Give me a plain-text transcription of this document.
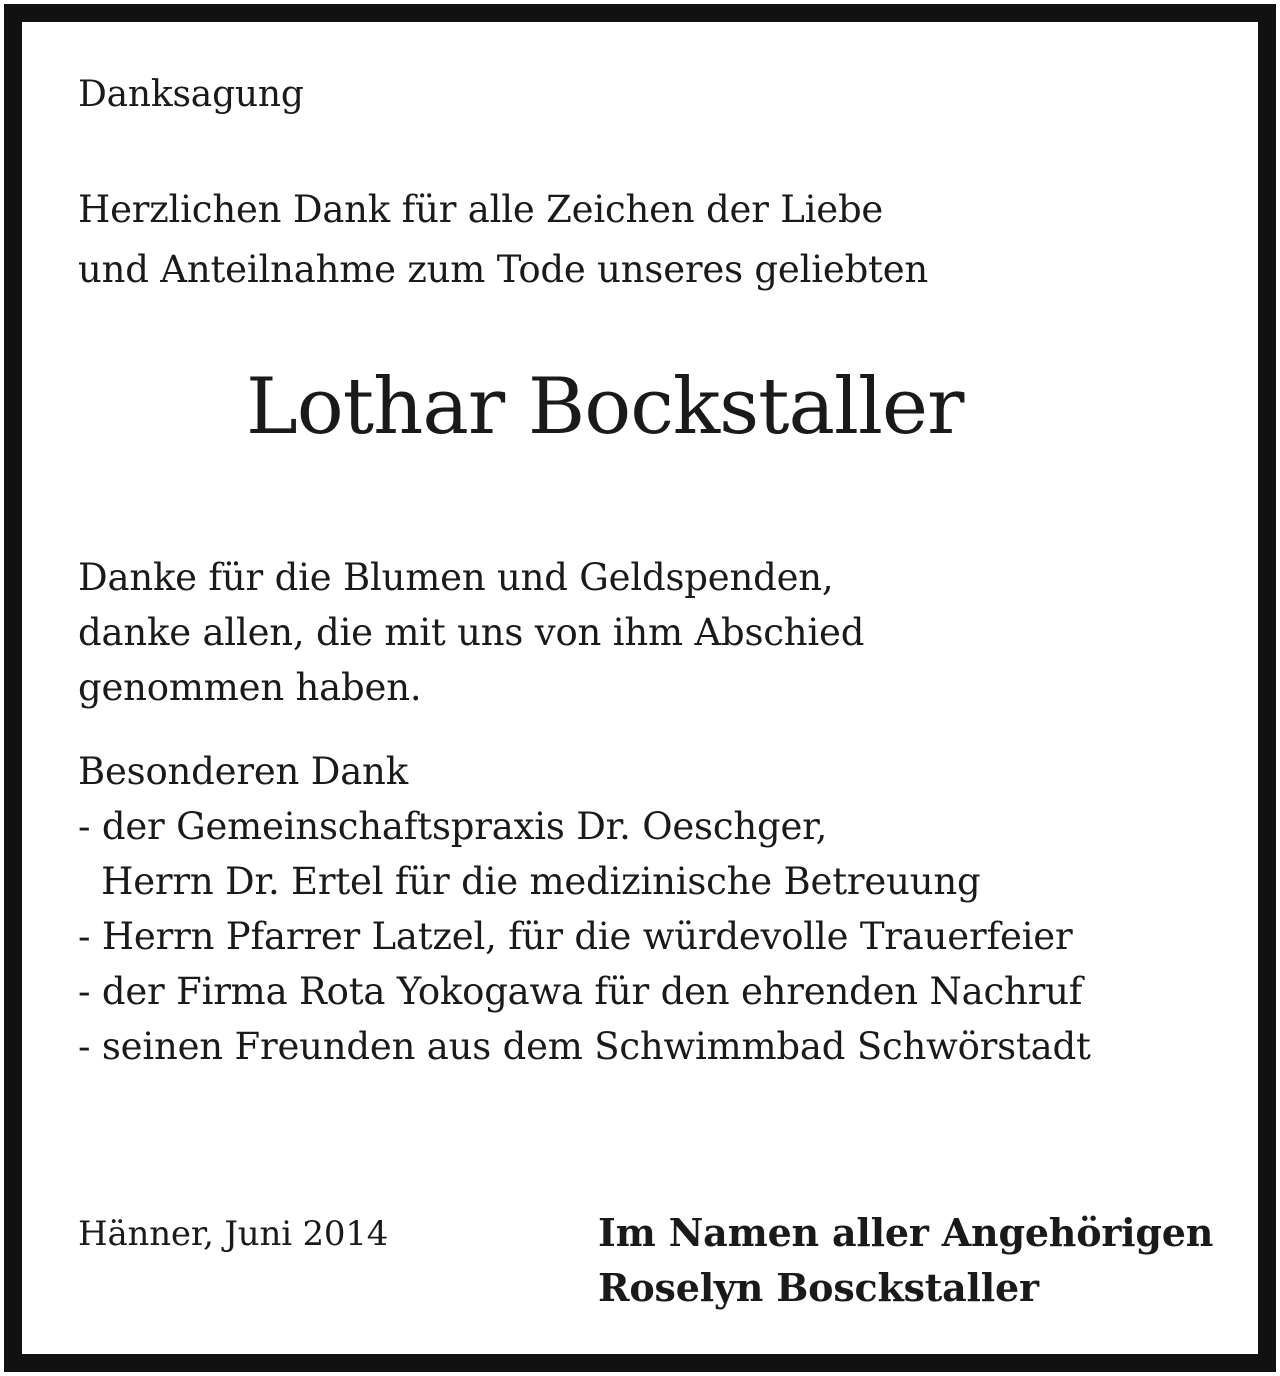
Danksagung

Herzlichen Dank für alle Zeichen der Liebe

und Anteilnahme zum Tode unseres geliebten

Lothar Bockstaller

Danke für die Blumen und Geldspenden,

danke allen, die mit uns von ihm Abschied

genommen haben.

Besonderen Dank

- der Gemeinschaftspraxis Dr. Oeschger,

Herrn Dr. Ertel für die medizinische Betreuung

- Herrn Pfarrer Latzel, für die würdevolle Trauerfeier

- der Firma Rota Yokogawa für den ehrenden Nachruf

- seinen Freunden aus dem Schwimmbad Schwörstadt

Hänner, Juni 2014	Im Namen aller Angehörigen

Roselyn Bosckstaller
